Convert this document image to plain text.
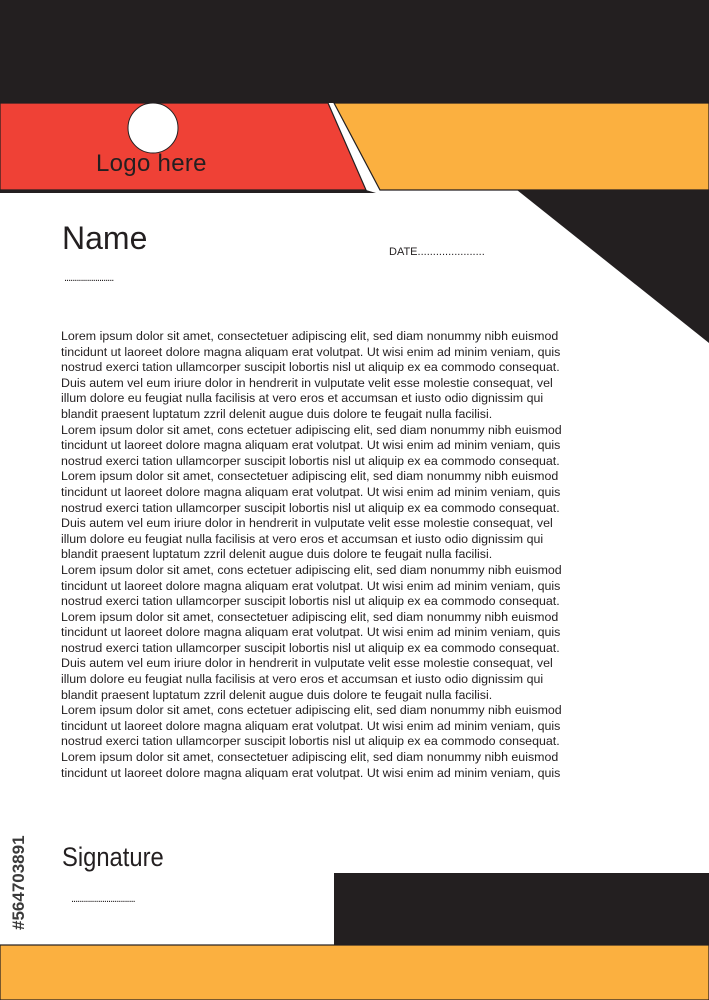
Logo here
Name
........................
DATE......................
Lorem ipsum dolor sit amet, consectetuer adipiscing elit, sed diam nonummy nibh euismod
tincidunt ut laoreet dolore magna aliquam erat volutpat. Ut wisi enim ad minim veniam, quis
nostrud exerci tation ullamcorper suscipit lobortis nisl ut aliquip ex ea commodo consequat.
Duis autem vel eum iriure dolor in hendrerit in vulputate velit esse molestie consequat, vel
illum dolore eu feugiat nulla facilisis at vero eros et accumsan et iusto odio dignissim qui
blandit praesent luptatum zzril delenit augue duis dolore te feugait nulla facilisi.
Lorem ipsum dolor sit amet, cons ectetuer adipiscing elit, sed diam nonummy nibh euismod
tincidunt ut laoreet dolore magna aliquam erat volutpat. Ut wisi enim ad minim veniam, quis
nostrud exerci tation ullamcorper suscipit lobortis nisl ut aliquip ex ea commodo consequat.
Lorem ipsum dolor sit amet, consectetuer adipiscing elit, sed diam nonummy nibh euismod
tincidunt ut laoreet dolore magna aliquam erat volutpat. Ut wisi enim ad minim veniam, quis
nostrud exerci tation ullamcorper suscipit lobortis nisl ut aliquip ex ea commodo consequat.
Duis autem vel eum iriure dolor in hendrerit in vulputate velit esse molestie consequat, vel
illum dolore eu feugiat nulla facilisis at vero eros et accumsan et iusto odio dignissim qui
blandit praesent luptatum zzril delenit augue duis dolore te feugait nulla facilisi.
Lorem ipsum dolor sit amet, cons ectetuer adipiscing elit, sed diam nonummy nibh euismod
tincidunt ut laoreet dolore magna aliquam erat volutpat. Ut wisi enim ad minim veniam, quis
nostrud exerci tation ullamcorper suscipit lobortis nisl ut aliquip ex ea commodo consequat.
Lorem ipsum dolor sit amet, consectetuer adipiscing elit, sed diam nonummy nibh euismod
tincidunt ut laoreet dolore magna aliquam erat volutpat. Ut wisi enim ad minim veniam, quis
nostrud exerci tation ullamcorper suscipit lobortis nisl ut aliquip ex ea commodo consequat.
Duis autem vel eum iriure dolor in hendrerit in vulputate velit esse molestie consequat, vel
illum dolore eu feugiat nulla facilisis at vero eros et accumsan et iusto odio dignissim qui
blandit praesent luptatum zzril delenit augue duis dolore te feugait nulla facilisi.
Lorem ipsum dolor sit amet, cons ectetuer adipiscing elit, sed diam nonummy nibh euismod
tincidunt ut laoreet dolore magna aliquam erat volutpat. Ut wisi enim ad minim veniam, quis
nostrud exerci tation ullamcorper suscipit lobortis nisl ut aliquip ex ea commodo consequat.
Lorem ipsum dolor sit amet, consectetuer adipiscing elit, sed diam nonummy nibh euismod
tincidunt ut laoreet dolore magna aliquam erat volutpat. Ut wisi enim ad minim veniam, quis
Signature
...............................
#564703891
